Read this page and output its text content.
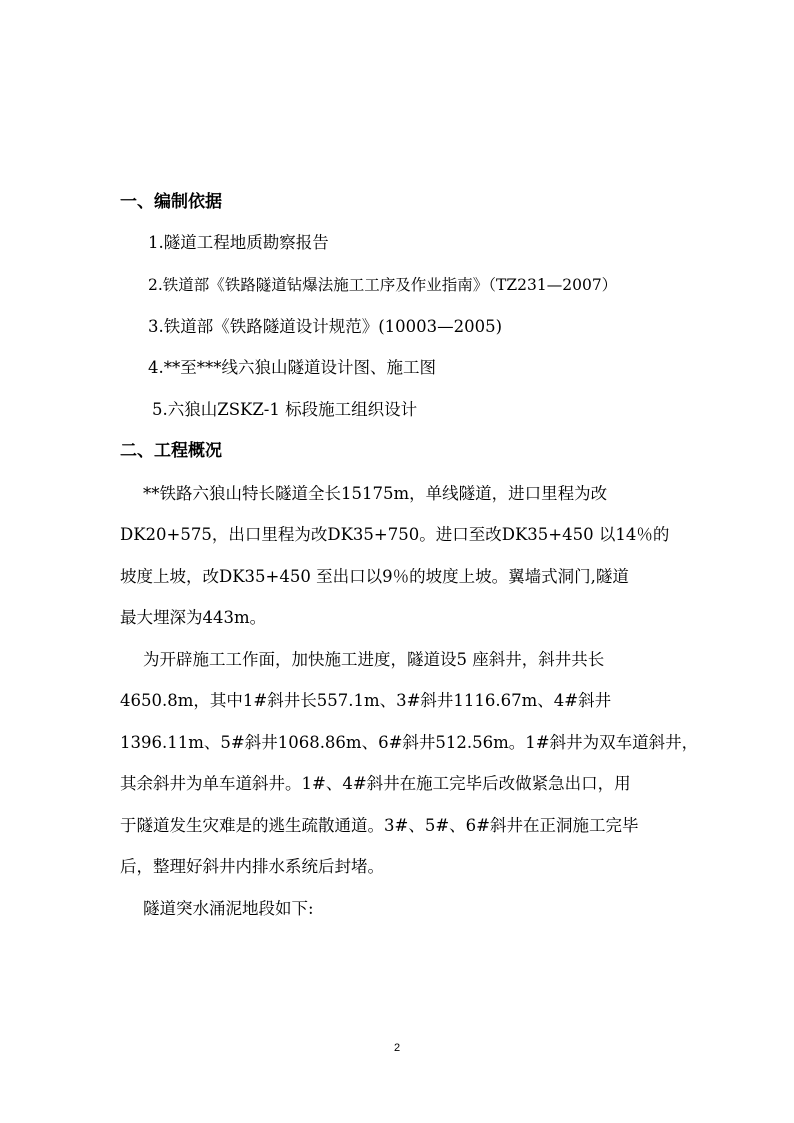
一、编制依据
1.隧道工程地质勘察报告
2.铁道部《铁路隧道钻爆法施工工序及作业指南》（TZ231—2007）
3.铁道部《铁路隧道设计规范》(10003—2005)
4.**至***线六狼山隧道设计图、施工图
5.六狼山ZSKZ-1 标段施工组织设计
二、工程概况
**铁路六狼山特长隧道全长15175m，单线隧道，进口里程为改
DK20+575，出口里程为改DK35+750。进口至改DK35+450 以14％的
坡度上坡，改DK35+450 至出口以9％的坡度上坡。翼墙式洞门,隧道
最大埋深为443m。
为开辟施工工作面，加快施工进度，隧道设5 座斜井，斜井共长
4650.8m，其中1#斜井长557.1m、3#斜井1116.67m、4#斜井
1396.11m、5#斜井1068.86m、6#斜井512.56m。1#斜井为双车道斜井，
其余斜井为单车道斜井。1#、4#斜井在施工完毕后改做紧急出口，用
于隧道发生灾难是的逃生疏散通道。3#、5#、6#斜井在正洞施工完毕
后，整理好斜井内排水系统后封堵。
隧道突水涌泥地段如下:
2
